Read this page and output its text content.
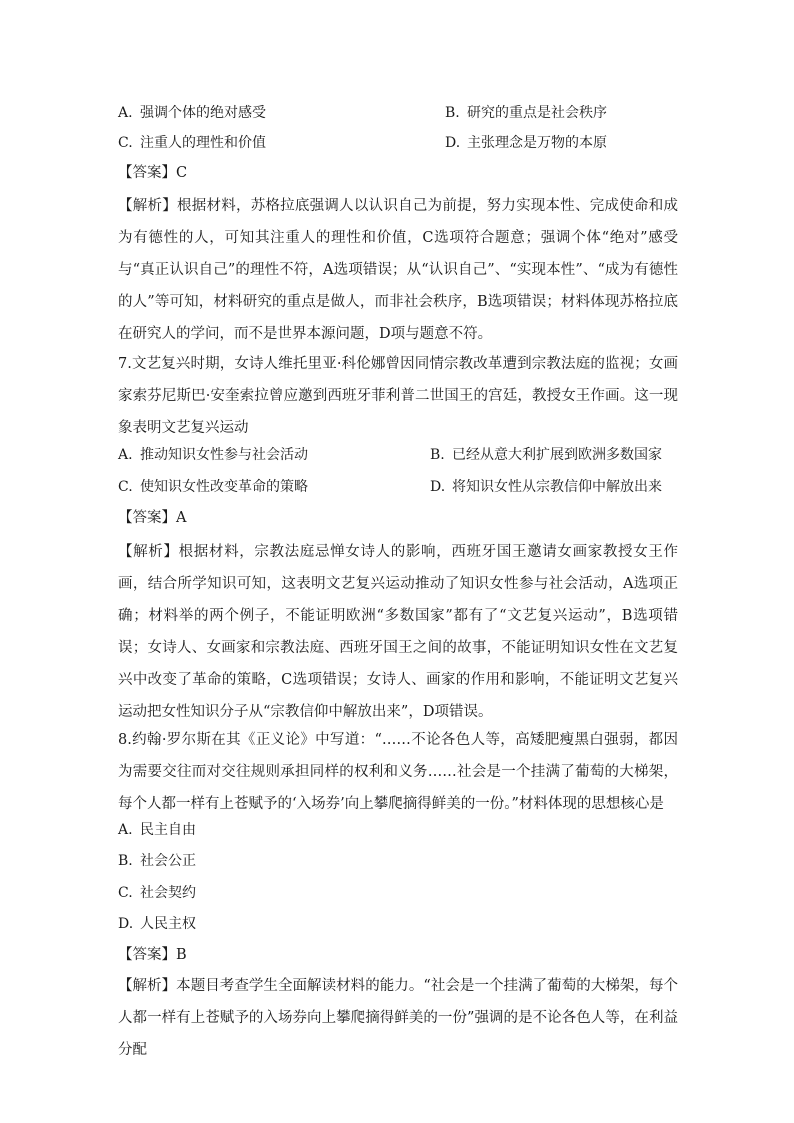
A. 强调个体的绝对感受	B. 研究的重点是社会秩序
C. 注重人的理性和价值	D. 主张理念是万物的本原
【答案】C
【解析】根据材料，苏格拉底强调人以认识自己为前提，努力实现本性、完成使命和成为有德性的人，可知其注重人的理性和价值，C选项符合题意；强调个体“绝对”感受与“真正认识自己”的理性不符，A选项错误；从“认识自己”、“实现本性”、“成为有德性的人”等可知，材料研究的重点是做人，而非社会秩序，B选项错误；材料体现苏格拉底在研究人的学问，而不是世界本源问题，D项与题意不符。
7.文艺复兴时期，女诗人维托里亚·科伦娜曾因同情宗教改革遭到宗教法庭的监视；女画家索芬尼斯巴·安奎索拉曾应邀到西班牙菲利普二世国王的宫廷，教授女王作画。这一现象表明文艺复兴运动
A. 推动知识女性参与社会活动	B. 已经从意大利扩展到欧洲多数国家
C. 使知识女性改变革命的策略	D. 将知识女性从宗教信仰中解放出来
【答案】A
【解析】根据材料，宗教法庭忌惮女诗人的影响，西班牙国王邀请女画家教授女王作画，结合所学知识可知，这表明文艺复兴运动推动了知识女性参与社会活动，A选项正确；材料举的两个例子，不能证明欧洲“多数国家”都有了“文艺复兴运动”，B选项错误；女诗人、女画家和宗教法庭、西班牙国王之间的故事，不能证明知识女性在文艺复兴中改变了革命的策略，C选项错误；女诗人、画家的作用和影响，不能证明文艺复兴运动把女性知识分子从“宗教信仰中解放出来”，D项错误。
8.约翰·罗尔斯在其《正义论》中写道：“……不论各色人等，高矮肥瘦黑白强弱，都因为需要交往而对交往规则承担同样的权利和义务……社会是一个挂满了葡萄的大梯架，每个人都一样有上苍赋予的‘入场券’向上攀爬摘得鲜美的一份。”材料体现的思想核心是
A. 民主自由
B. 社会公正
C. 社会契约
D. 人民主权
【答案】B
【解析】本题目考查学生全面解读材料的能力。“社会是一个挂满了葡萄的大梯架，每个人都一样有上苍赋予的入场券向上攀爬摘得鲜美的一份”强调的是不论各色人等，在利益分配
